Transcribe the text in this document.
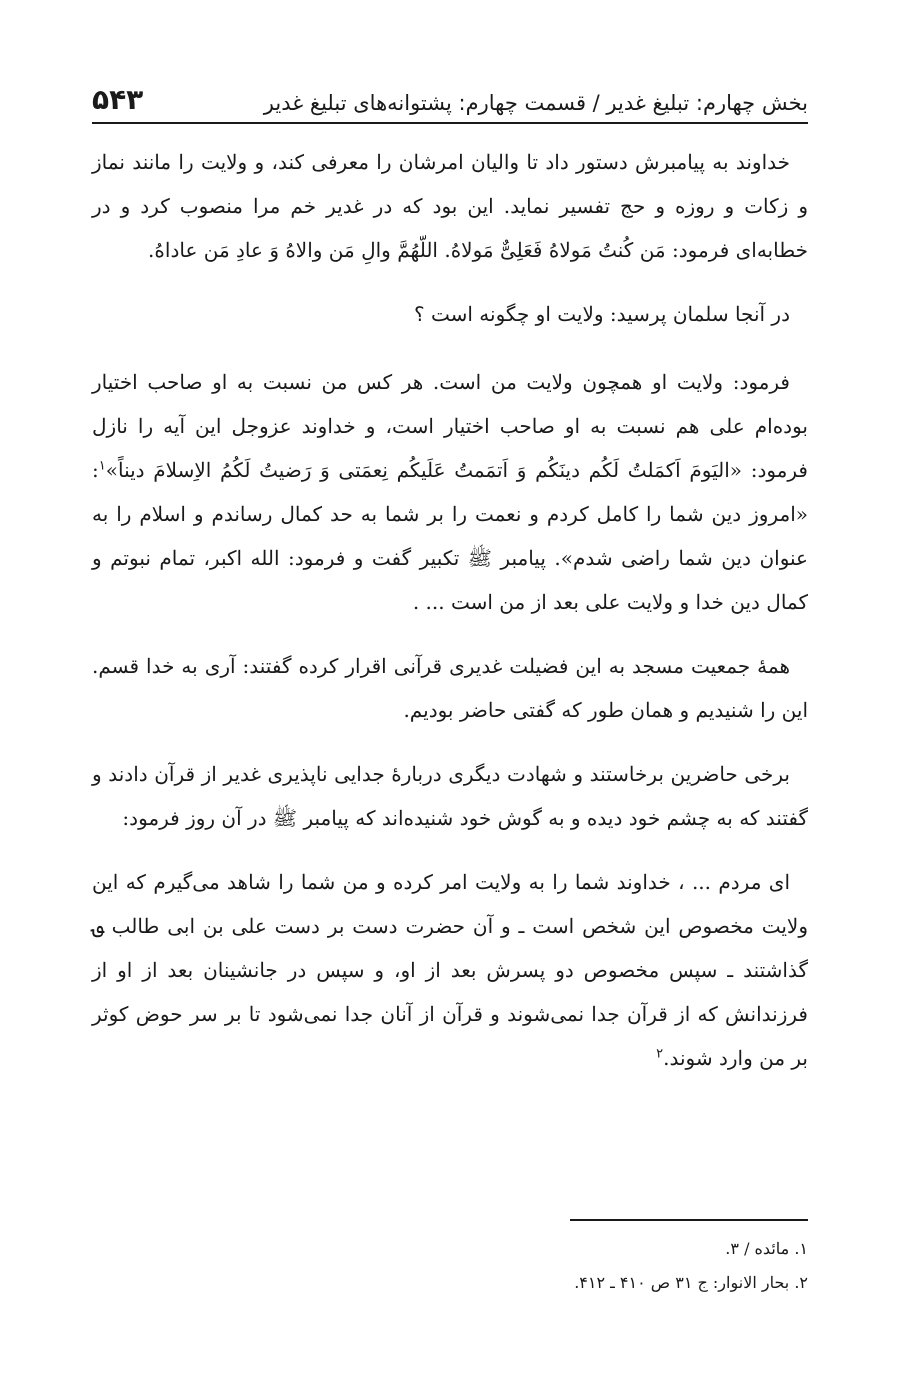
۵۴۳	بخش چهارم: تبلیغ غدیر / قسمت چهارم: پشتوانه‌های تبلیغ غدیر

خداوند به پیامبرش دستور داد تا والیان امرشان را معرفی کند، و ولایت را مانند نماز و زکات و روزه و حج تفسیر نماید. این بود که در غدیر خم مرا منصوب کرد و در خطابه‌ای فرمود: مَن کُنتُ مَولاهُ فَعَلِیٌّ مَولاهُ. اللّهُمَّ والِ مَن والاهُ وَ عادِ مَن عاداهُ.

در آنجا سلمان پرسید: ولایت او چگونه است ؟

فرمود: ولایت او همچون ولایت من است. هر کس من نسبت به او صاحب اختیار بوده‌ام علی هم نسبت به او صاحب اختیار است، و خداوند عزوجل این آیه را نازل فرمود: «الیَومَ اَکمَلتُ لَکُم دینَکُم وَ اَتمَمتُ عَلَیکُم نِعمَتی وَ رَضیتُ لَکُمُ الاِسلامَ دیناً»$^۱$: «امروز دین شما را کامل کردم و نعمت را بر شما به حد کمال رساندم و اسلام را به عنوان دین شما راضی شدم». پیامبر ﷺ تکبیر گفت و فرمود: الله اکبر، تمام نبوتم و کمال دین خدا و ولایت علی بعد از من است ... .

همهٔ جمعیت مسجد به این فضیلت غدیری قرآنی اقرار کرده گفتند: آری به خدا قسم. این را شنیدیم و همان طور که گفتی حاضر بودیم.

برخی حاضرین برخاستند و شهادت دیگری دربارهٔ جدایی ناپذیری غدیر از قرآن دادند و گفتند که به چشم خود دیده و به گوش خود شنیده‌اند که پیامبر ﷺ در آن روز فرمود:

ای مردم ... ، خداوند شما را به ولایت امر کرده و من شما را شاهد می‌گیرم که این ولایت مخصوص این شخص است ـ و آن حضرت دست بر دست علی بن ابی طالب ؈ گذاشتند ـ سپس مخصوص دو پسرش بعد از او، و سپس در جانشینان بعد از او از فرزندانش که از قرآن جدا نمی‌شوند و قرآن از آنان جدا نمی‌شود تا بر سر حوض کوثر بر من وارد شوند.$^۲$

۱. مائده / ۳.

۲. بحار الانوار: ج ۳۱ ص ۴۱۰ ـ ۴۱۲.
